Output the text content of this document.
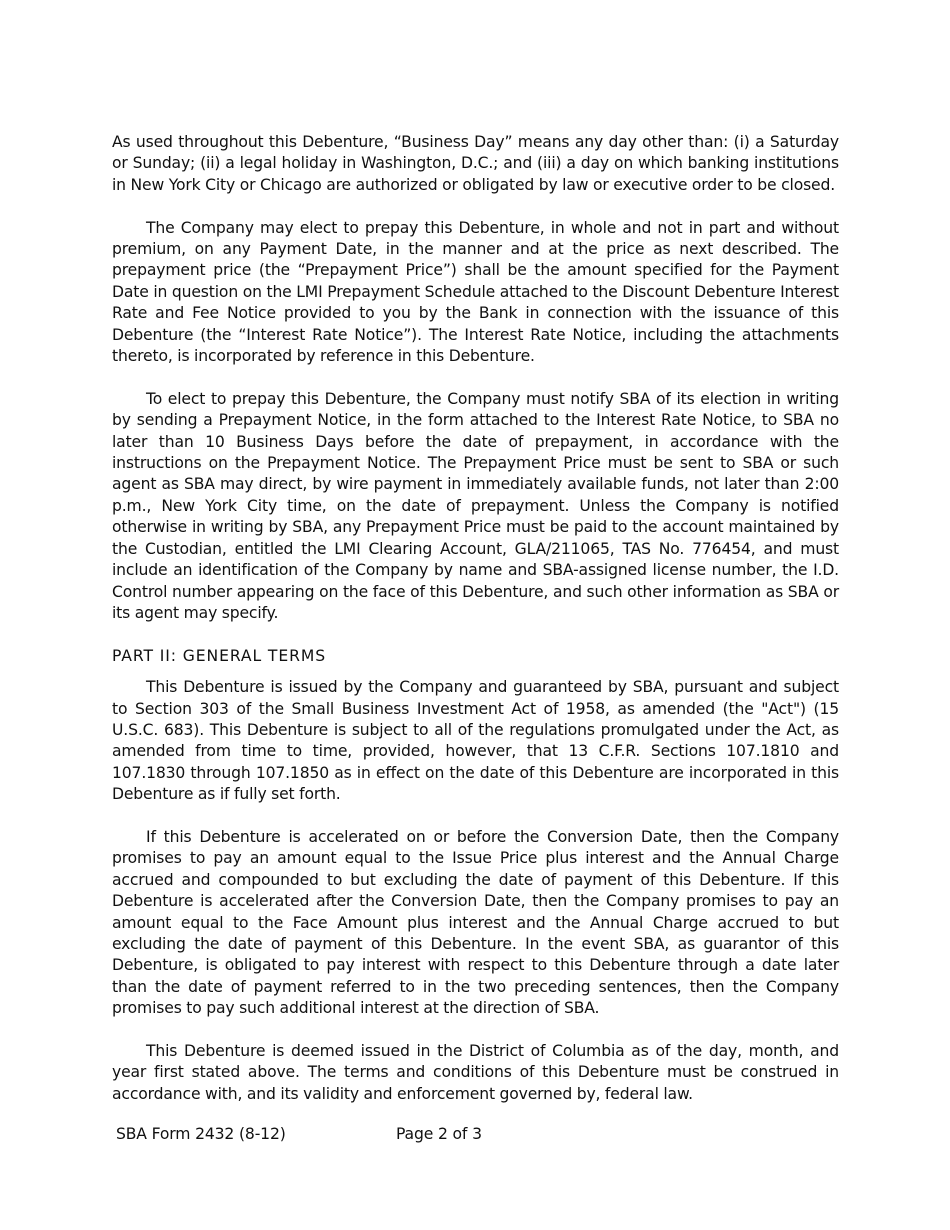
As used throughout this Debenture, “Business Day” means any day other than: (i) a Saturday or Sunday; (ii) a legal holiday in Washington, D.C.; and (iii) a day on which banking institutions in New York City or Chicago are authorized or obligated by law or executive order to be closed.

The Company may elect to prepay this Debenture, in whole and not in part and without premium, on any Payment Date, in the manner and at the price as next described. The prepayment price (the “Prepayment Price”) shall be the amount specified for the Payment Date in question on the LMI Prepayment Schedule attached to the Discount Debenture Interest Rate and Fee Notice provided to you by the Bank in connection with the issuance of this Debenture (the “Interest Rate Notice”). The Interest Rate Notice, including the attachments thereto, is incorporated by reference in this Debenture.

To elect to prepay this Debenture, the Company must notify SBA of its election in writing by sending a Prepayment Notice, in the form attached to the Interest Rate Notice, to SBA no later than 10 Business Days before the date of prepayment, in accordance with the instructions on the Prepayment Notice. The Prepayment Price must be sent to SBA or such agent as SBA may direct, by wire payment in immediately available funds, not later than 2:00 p.m., New York City time, on the date of prepayment. Unless the Company is notified otherwise in writing by SBA, any Prepayment Price must be paid to the account maintained by the Custodian, entitled the LMI Clearing Account, GLA/211065, TAS No. 776454, and must include an identification of the Company by name and SBA-assigned license number, the I.D. Control number appearing on the face of this Debenture, and such other information as SBA or its agent may specify.

PART II: GENERAL TERMS

This Debenture is issued by the Company and guaranteed by SBA, pursuant and subject to Section 303 of the Small Business Investment Act of 1958, as amended (the "Act") (15 U.S.C. 683). This Debenture is subject to all of the regulations promulgated under the Act, as amended from time to time, provided, however, that 13 C.F.R. Sections 107.1810 and 107.1830 through 107.1850 as in effect on the date of this Debenture are incorporated in this Debenture as if fully set forth.

If this Debenture is accelerated on or before the Conversion Date, then the Company promises to pay an amount equal to the Issue Price plus interest and the Annual Charge accrued and compounded to but excluding the date of payment of this Debenture. If this Debenture is accelerated after the Conversion Date, then the Company promises to pay an amount equal to the Face Amount plus interest and the Annual Charge accrued to but excluding the date of payment of this Debenture. In the event SBA, as guarantor of this Debenture, is obligated to pay interest with respect to this Debenture through a date later than the date of payment referred to in the two preceding sentences, then the Company promises to pay such additional interest at the direction of SBA.

This Debenture is deemed issued in the District of Columbia as of the day, month, and year first stated above. The terms and conditions of this Debenture must be construed in accordance with, and its validity and enforcement governed by, federal law.

SBA Form 2432 (8-12)	Page 2 of 3
